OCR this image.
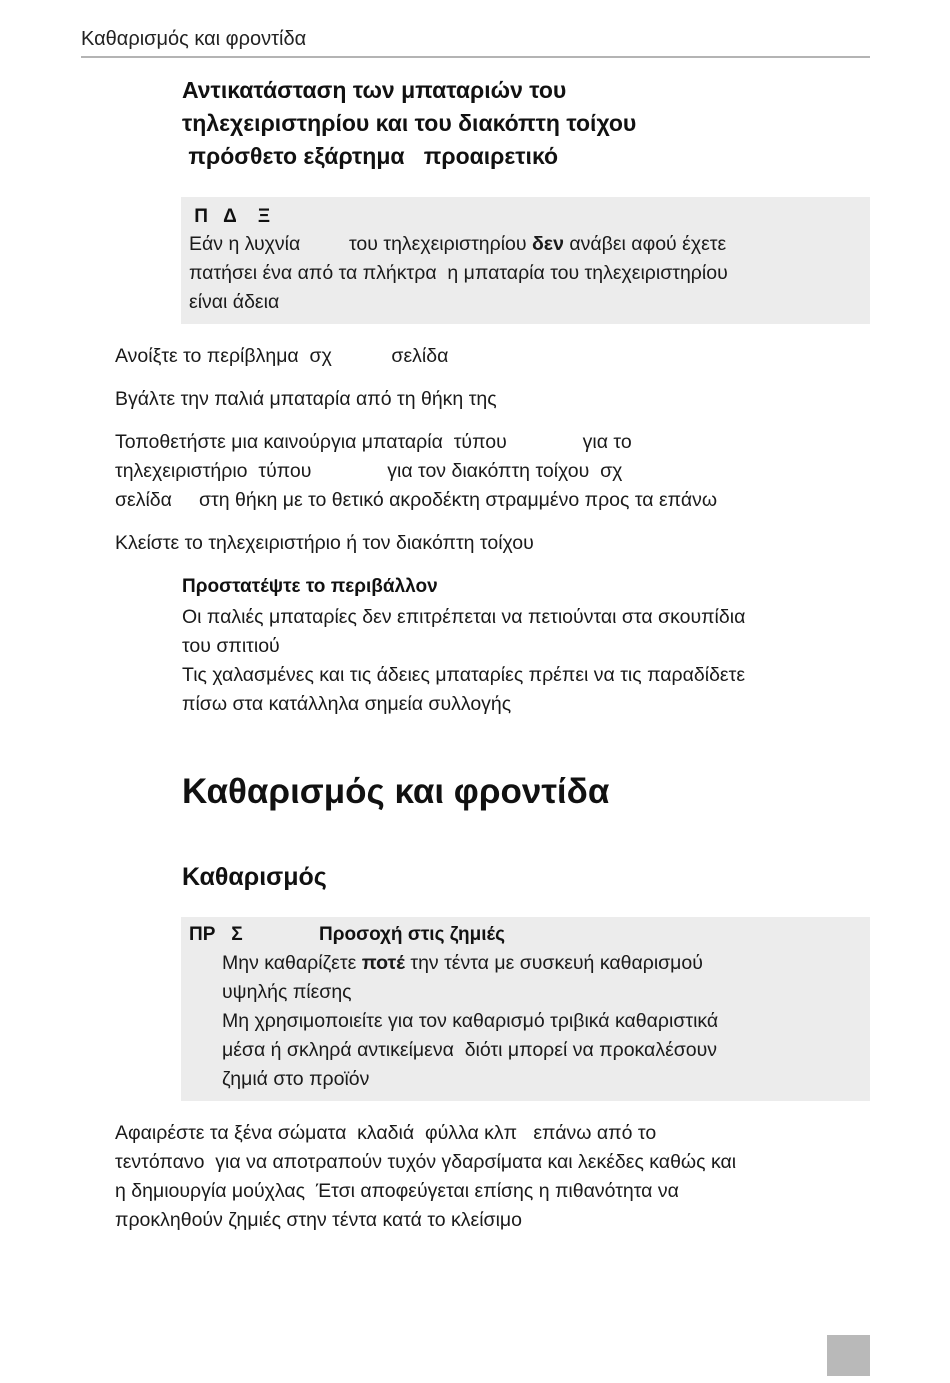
Καθαρισμός και φροντίδα
Αντικατάσταση των μπαταριών του
τηλεχειριστηρίου και του διακόπτη τοίχου
πρόσθετο εξάρτημα   προαιρετικό
Π   Δ    Ξ
Εάν η λυχνία         του τηλεχειριστηρίου δεν ανάβει αφού έχετε
πατήσει ένα από τα πλήκτρα  η μπαταρία του τηλεχειριστηρίου
είναι άδεια
Ανοίξτε το περίβλημα  σχ           σελίδα
Βγάλτε την παλιά μπαταρία από τη θήκη της
Τοποθετήστε μια καινούργια μπαταρία  τύπου              για το
τηλεχειριστήριο  τύπου              για τον διακόπτη τοίχου  σχ
σελίδα     στη θήκη με το θετικό ακροδέκτη στραμμένο προς τα επάνω
Κλείστε το τηλεχειριστήριο ή τον διακόπτη τοίχου
Προστατέψτε το περιβάλλον
Οι παλιές μπαταρίες δεν επιτρέπεται να πετιούνται στα σκουπίδια
του σπιτιού
Τις χαλασμένες και τις άδειες μπαταρίες πρέπει να τις παραδίδετε
πίσω στα κατάλληλα σημεία συλλογής
Καθαρισμός και φροντίδα
Καθαρισμός
ΠΡ   Σ	Προσοχή στις ζημιές
Μην καθαρίζετε ποτέ την τέντα με συσκευή καθαρισμού
υψηλής πίεσης
Μη χρησιμοποιείτε για τον καθαρισμό τριβικά καθαριστικά
μέσα ή σκληρά αντικείμενα  διότι μπορεί να προκαλέσουν
ζημιά στο προϊόν
Αφαιρέστε τα ξένα σώματα  κλαδιά  φύλλα κλπ   επάνω από το
τεντόπανο  για να αποτραπούν τυχόν γδαρσίματα και λεκέδες καθώς και
η δημιουργία μούχλας  Έτσι αποφεύγεται επίσης η πιθανότητα να
προκληθούν ζημιές στην τέντα κατά το κλείσιμο
